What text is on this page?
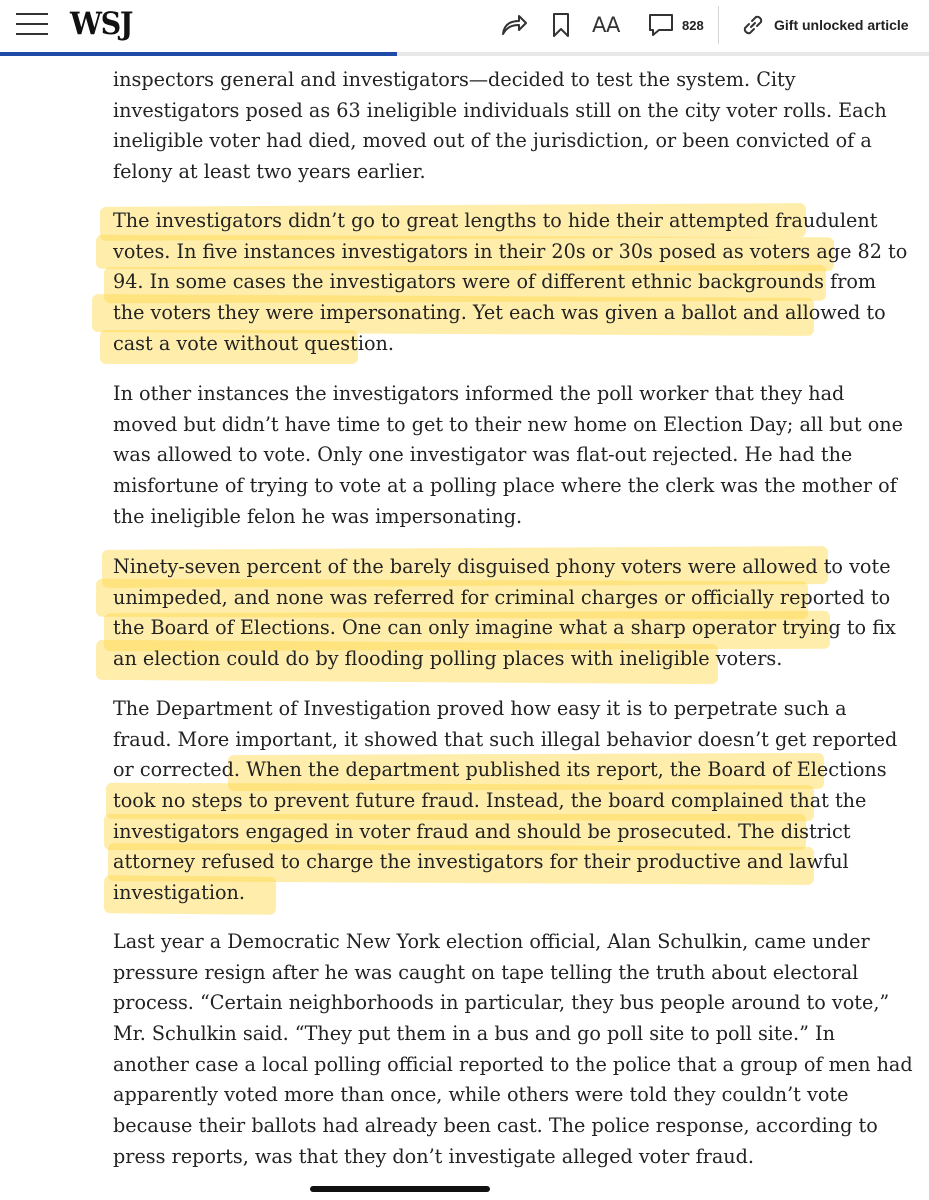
WSJ	AA	828	Gift unlocked article

inspectors general and investigators—decided to test the system. City
investigators posed as 63 ineligible individuals still on the city voter rolls. Each
ineligible voter had died, moved out of the jurisdiction, or been convicted of a
felony at least two years earlier.

The investigators didn’t go to great lengths to hide their attempted fraudulent
votes. In five instances investigators in their 20s or 30s posed as voters age 82 to
94. In some cases the investigators were of different ethnic backgrounds from
the voters they were impersonating. Yet each was given a ballot and allowed to
cast a vote without question.

In other instances the investigators informed the poll worker that they had
moved but didn’t have time to get to their new home on Election Day; all but one
was allowed to vote. Only one investigator was flat-out rejected. He had the
misfortune of trying to vote at a polling place where the clerk was the mother of
the ineligible felon he was impersonating.

Ninety-seven percent of the barely disguised phony voters were allowed to vote
unimpeded, and none was referred for criminal charges or officially reported to
the Board of Elections. One can only imagine what a sharp operator trying to fix
an election could do by flooding polling places with ineligible voters.

The Department of Investigation proved how easy it is to perpetrate such a
fraud. More important, it showed that such illegal behavior doesn’t get reported
or corrected. When the department published its report, the Board of Elections
took no steps to prevent future fraud. Instead, the board complained that the
investigators engaged in voter fraud and should be prosecuted. The district
attorney refused to charge the investigators for their productive and lawful
investigation.

Last year a Democratic New York election official, Alan Schulkin, came under
pressure resign after he was caught on tape telling the truth about electoral
process. “Certain neighborhoods in particular, they bus people around to vote,”
Mr. Schulkin said. “They put them in a bus and go poll site to poll site.” In
another case a local polling official reported to the police that a group of men had
apparently voted more than once, while others were told they couldn’t vote
because their ballots had already been cast. The police response, according to
press reports, was that they don’t investigate alleged voter fraud.
